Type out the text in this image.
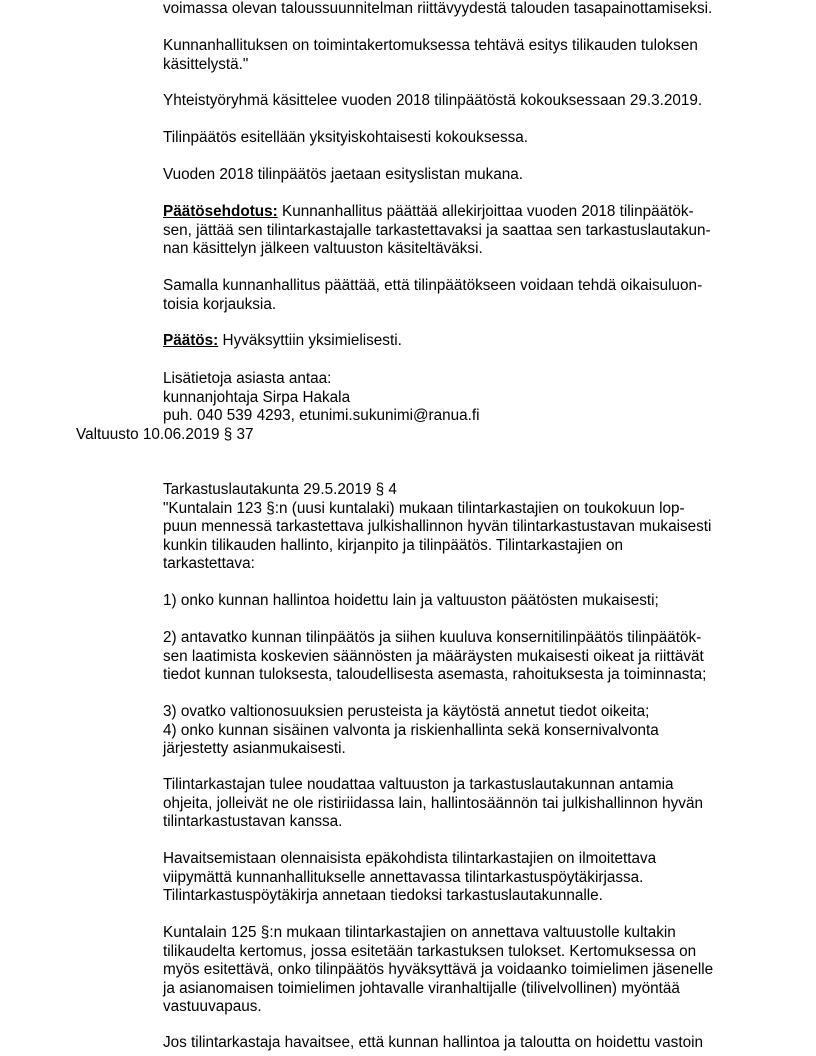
voimassa olevan taloussuunnitelman riittävyydestä talouden tasapainottamiseksi.

Kunnanhallituksen on toimintakertomuksessa tehtävä esitys tilikauden tuloksen
käsittelystä."

Yhteistyöryhmä käsittelee vuoden 2018 tilinpäätöstä kokouksessaan 29.3.2019.

Tilinpäätös esitellään yksityiskohtaisesti kokouksessa.

Vuoden 2018 tilinpäätös jaetaan esityslistan mukana.

Päätösehdotus: Kunnanhallitus päättää allekirjoittaa vuoden 2018 tilinpäätök-
sen, jättää sen tilintarkastajalle tarkastettavaksi ja saattaa sen tarkastuslautakun-
nan käsittelyn jälkeen valtuuston käsiteltäväksi.

Samalla kunnanhallitus päättää, että tilinpäätökseen voidaan tehdä oikaisuluon-
toisia korjauksia.

Päätös: Hyväksyttiin yksimielisesti.

Lisätietoja asiasta antaa:
kunnanjohtaja Sirpa Hakala
puh. 040 539 4293, etunimi.sukunimi@ranua.fi

Valtuusto 10.06.2019 § 37

Tarkastuslautakunta 29.5.2019 § 4
"Kuntalain 123 §:n (uusi kuntalaki) mukaan tilintarkastajien on toukokuun lop-
puun mennessä tarkastettava julkishallinnon hyvän tilintarkastustavan mukaisesti
kunkin tilikauden hallinto, kirjanpito ja tilinpäätös. Tilintarkastajien on
tarkastettava:

1) onko kunnan hallintoa hoidettu lain ja valtuuston päätösten mukaisesti;

2) antavatko kunnan tilinpäätös ja siihen kuuluva konsernitilinpäätös tilinpäätök-
sen laatimista koskevien säännösten ja määräysten mukaisesti oikeat ja riittävät
tiedot kunnan tuloksesta, taloudellisesta asemasta, rahoituksesta ja toiminnasta;

3) ovatko valtionosuuksien perusteista ja käytöstä annetut tiedot oikeita;
4) onko kunnan sisäinen valvonta ja riskienhallinta sekä konsernivalvonta
järjestetty asianmukaisesti.

Tilintarkastajan tulee noudattaa valtuuston ja tarkastuslautakunnan antamia
ohjeita, jolleivät ne ole ristiriidassa lain, hallintosäännön tai julkishallinnon hyvän
tilintarkastustavan kanssa.

Havaitsemistaan olennaisista epäkohdista tilintarkastajien on ilmoitettava
viipymättä kunnanhallitukselle annettavassa tilintarkastuspöytäkirjassa.
Tilintarkastuspöytäkirja annetaan tiedoksi tarkastuslautakunnalle.

Kuntalain 125 §:n mukaan tilintarkastajien on annettava valtuustolle kultakin
tilikaudelta kertomus, jossa esitetään tarkastuksen tulokset. Kertomuksessa on
myös esitettävä, onko tilinpäätös hyväksyttävä ja voidaanko toimielimen jäsenelle
ja asianomaisen toimielimen johtavalle viranhaltijalle (tilivelvollinen) myöntää
vastuuvapaus.

Jos tilintarkastaja havaitsee, että kunnan hallintoa ja taloutta on hoidettu vastoin
